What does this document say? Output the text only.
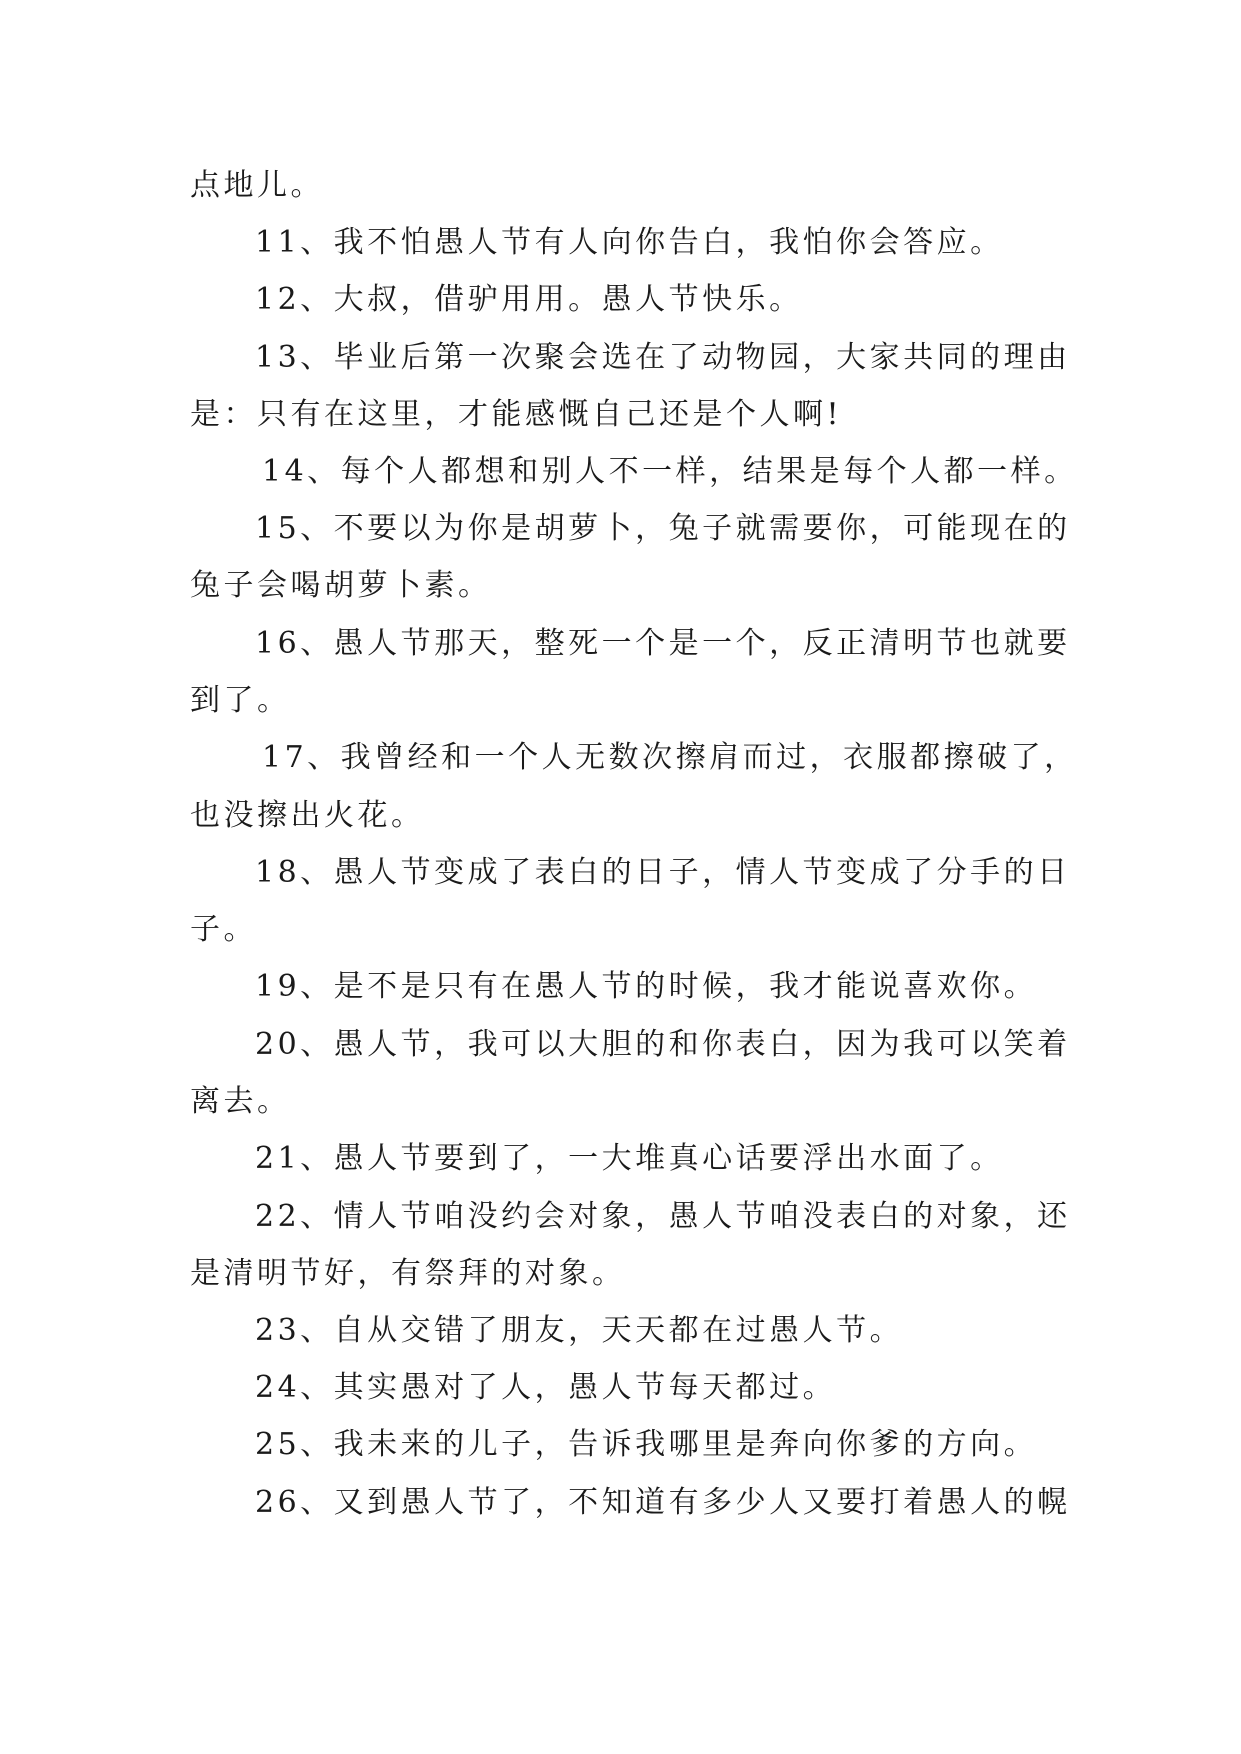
点地儿。
11、我不怕愚人节有人向你告白，我怕你会答应。
12、大叔，借驴用用。愚人节快乐。
13、毕业后第一次聚会选在了动物园，大家共同的理由
是：只有在这里，才能感慨自己还是个人啊!
14、每个人都想和别人不一样，结果是每个人都一样。
15、不要以为你是胡萝卜，兔子就需要你，可能现在的
兔子会喝胡萝卜素。
16、愚人节那天，整死一个是一个，反正清明节也就要
到了。
17、我曾经和一个人无数次擦肩而过，衣服都擦破了，
也没擦出火花。
18、愚人节变成了表白的日子，情人节变成了分手的日
子。
19、是不是只有在愚人节的时候，我才能说喜欢你。
20、愚人节，我可以大胆的和你表白，因为我可以笑着
离去。
21、愚人节要到了，一大堆真心话要浮出水面了。
22、情人节咱没约会对象，愚人节咱没表白的对象，还
是清明节好，有祭拜的对象。
23、自从交错了朋友，天天都在过愚人节。
24、其实愚对了人，愚人节每天都过。
25、我未来的儿子，告诉我哪里是奔向你爹的方向。
26、又到愚人节了，不知道有多少人又要打着愚人的幌
